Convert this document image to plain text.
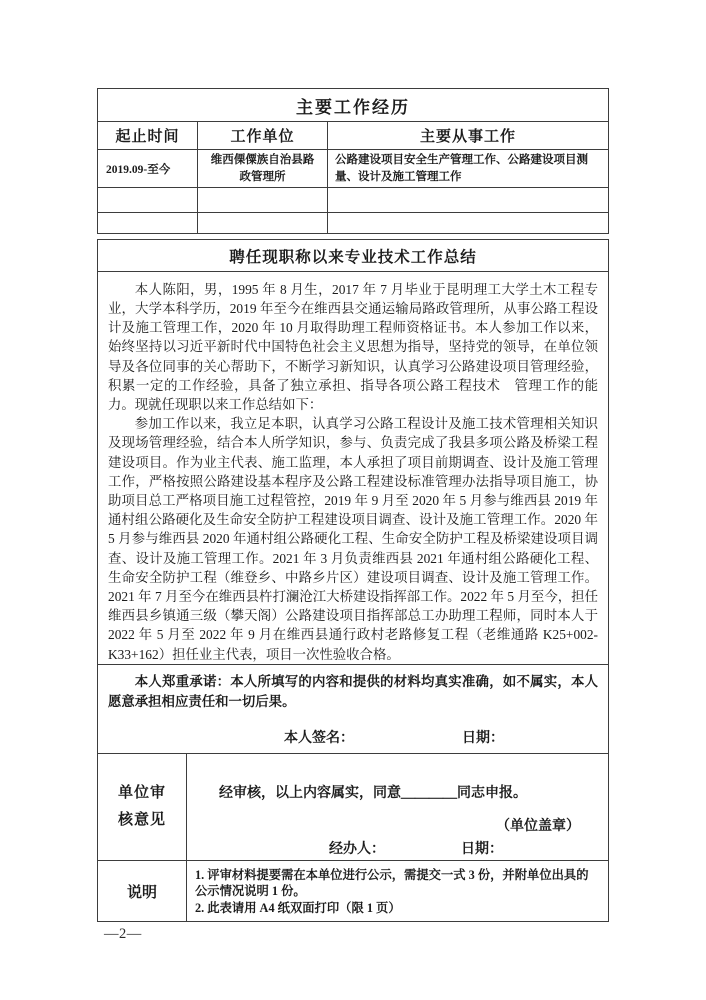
主要工作经历		
起止时间	工作单位	主要从事工作
2019.09-至今	维西傈僳族自治县路政管理所	公路建设项目安全生产管理工作、公路建设项目测量、设计及施工管理工作

聘任现职称以来专业技术工作总结	

本人陈阳，男，1995 年 8 月生，2017 年 7 月毕业于昆明理工大学土木工程专业，大学本科学历，2019 年至今在维西县交通运输局路政管理所，从事公路工程设计及施工管理工作，2020 年 10 月取得助理工程师资格证书。本人参加工作以来，始终坚持以习近平新时代中国特色社会主义思想为指导，坚持党的领导，在单位领导及各位同事的关心帮助下，不断学习新知识，认真学习公路建设项目管理经验，积累一定的工作经验，具备了独立承担、指导各项公路工程技术　管理工作的能力。现就任现职以来工作总结如下：

参加工作以来，我立足本职，认真学习公路工程设计及施工技术管理相关知识及现场管理经验，结合本人所学知识，参与、负责完成了我县多项公路及桥梁工程建设项目。作为业主代表、施工监理，本人承担了项目前期调查、设计及施工管理工作，严格按照公路建设基本程序及公路工程建设标准管理办法指导项目施工，协助项目总工严格项目施工过程管控，2019 年 9 月至 2020 年 5 月参与维西县 2019 年通村组公路硬化及生命安全防护工程建设项目调查、设计及施工管理工作。2020 年 5 月参与维西县 2020 年通村组公路硬化工程、生命安全防护工程及桥梁建设项目调查、设计及施工管理工作。2021 年 3 月负责维西县 2021 年通村组公路硬化工程、生命安全防护工程（维登乡、中路乡片区）建设项目调查、设计及施工管理工作。2021 年 7 月至今在维西县杵打澜沧江大桥建设指挥部工作。2022 年 5 月至今，担任维西县乡镇通三级（攀天阁）公路建设项目指挥部总工办助理工程师，同时本人于 2022 年 5 月至 2022 年 9 月在维西县通行政村老路修复工程（老维通路 K25+002-K33+162）担任业主代表，项目一次性验收合格。	

本人郑重承诺：本人所填写的内容和提供的材料均真实准确，如不属实，本人愿意承担相应责任和一切后果。

本人签名： 日期：	

单位审核意见	经审核，以上内容属实，同意＿＿＿＿同志申报。
（单位盖章）
经办人： 日期：

说明	1. 评审材料提要需在本单位进行公示，需提交一式 3 份，并附单位出具的公示情况说明 1 份。
2. 此表请用 A4 纸双面打印（限 1 页）
—2—
